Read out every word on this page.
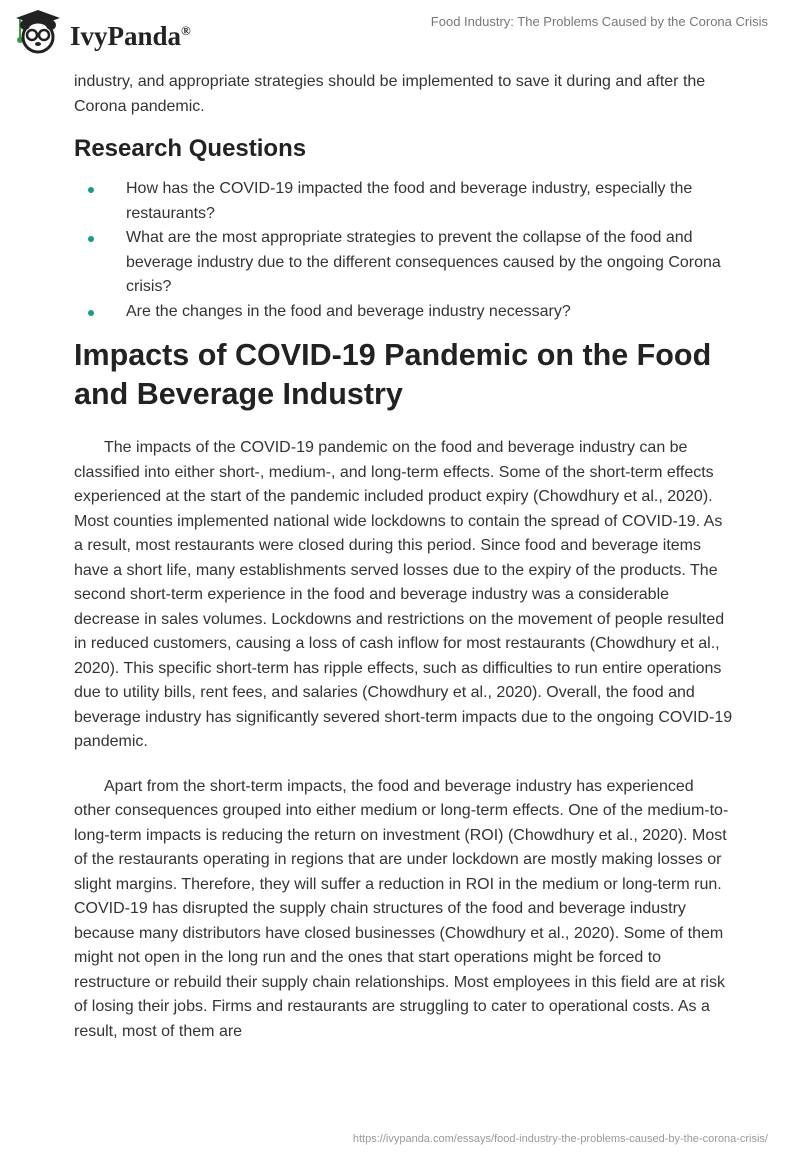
IvyPanda®
Food Industry: The Problems Caused by the Corona Crisis

industry, and appropriate strategies should be implemented to save it during and after the Corona pandemic.

Research Questions
How has the COVID-19 impacted the food and beverage industry, especially the restaurants?
What are the most appropriate strategies to prevent the collapse of the food and beverage industry due to the different consequences caused by the ongoing Corona crisis?
Are the changes in the food and beverage industry necessary?
Impacts of COVID-19 Pandemic on the Food and Beverage Industry

The impacts of the COVID-19 pandemic on the food and beverage industry can be classified into either short-, medium-, and long-term effects. Some of the short-term effects experienced at the start of the pandemic included product expiry (Chowdhury et al., 2020). Most counties implemented national wide lockdowns to contain the spread of COVID-19. As a result, most restaurants were closed during this period. Since food and beverage items have a short life, many establishments served losses due to the expiry of the products. The second short-term experience in the food and beverage industry was a considerable decrease in sales volumes. Lockdowns and restrictions on the movement of people resulted in reduced customers, causing a loss of cash inflow for most restaurants (Chowdhury et al., 2020). This specific short-term has ripple effects, such as difficulties to run entire operations due to utility bills, rent fees, and salaries (Chowdhury et al., 2020). Overall, the food and beverage industry has significantly severed short-term impacts due to the ongoing COVID-19 pandemic.

Apart from the short-term impacts, the food and beverage industry has experienced other consequences grouped into either medium or long-term effects. One of the medium-to-long-term impacts is reducing the return on investment (ROI) (Chowdhury et al., 2020). Most of the restaurants operating in regions that are under lockdown are mostly making losses or slight margins. Therefore, they will suffer a reduction in ROI in the medium or long-term run. COVID-19 has disrupted the supply chain structures of the food and beverage industry because many distributors have closed businesses (Chowdhury et al., 2020). Some of them might not open in the long run and the ones that start operations might be forced to restructure or rebuild their supply chain relationships. Most employees in this field are at risk of losing their jobs. Firms and restaurants are struggling to cater to operational costs. As a result, most of them are

https://ivypanda.com/essays/food-industry-the-problems-caused-by-the-corona-crisis/
